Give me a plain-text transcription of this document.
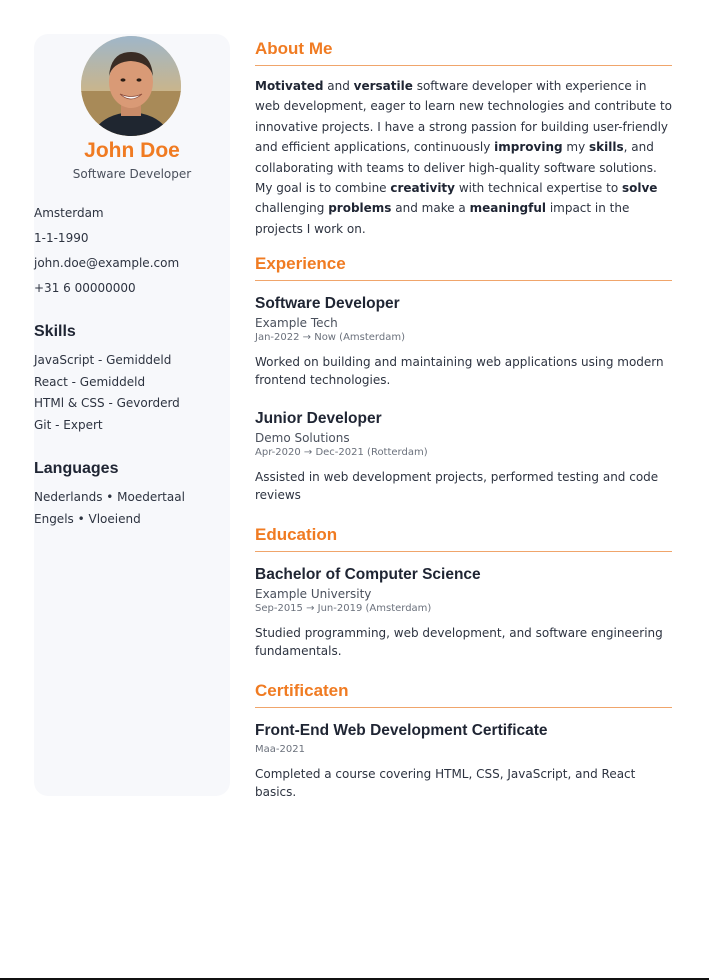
John Doe
Software Developer
Amsterdam
1-1-1990
john.doe@example.com
+31 6 00000000
Skills
JavaScript - Gemiddeld
React - Gemiddeld
HTMl & CSS - Gevorderd
Git - Expert
Languages
Nederlands • Moedertaal
Engels • Vloeiend
About Me
Motivated and versatile software developer with experience in web development, eager to learn new technologies and contribute to innovative projects. I have a strong passion for building user-friendly and efficient applications, continuously improving my skills, and collaborating with teams to deliver high-quality software solutions. My goal is to combine creativity with technical expertise to solve challenging problems and make a meaningful impact in the projects I work on.
Experience
Software Developer
Example Tech
Jan-2022 → Now (Amsterdam)
Worked on building and maintaining web applications using modern frontend technologies.
Junior Developer
Demo Solutions
Apr-2020 → Dec-2021 (Rotterdam)
Assisted in web development projects, performed testing and code reviews
Education
Bachelor of Computer Science
Example University
Sep-2015 → Jun-2019 (Amsterdam)
Studied programming, web development, and software engineering fundamentals.
Certificaten
Front-End Web Development Certificate
Maa-2021
Completed a course covering HTML, CSS, JavaScript, and React basics.
